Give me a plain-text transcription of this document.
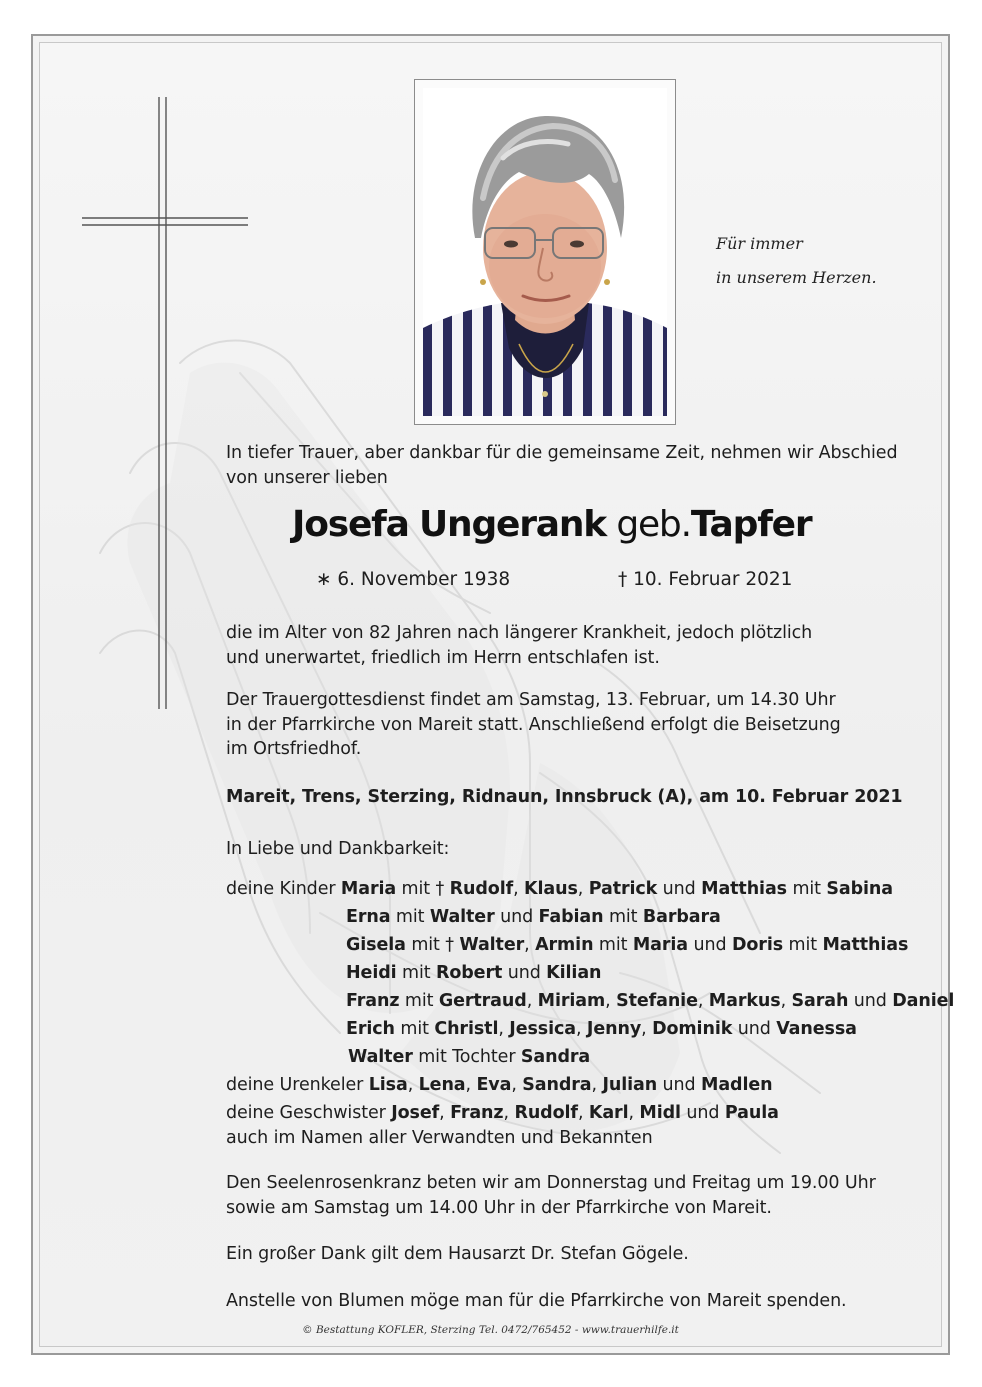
Für immer
in unserem Herzen.
In tiefer Trauer, aber dankbar für die gemeinsame Zeit, nehmen wir Abschied
von unserer lieben
Josefa Ungerank geb.Tapfer
∗ 6. November 1938	† 10. Februar 2021
die im Alter von 82 Jahren nach längerer Krankheit, jedoch plötzlich
und unerwartet, friedlich im Herrn entschlafen ist.
Der Trauergottesdienst findet am Samstag, 13. Februar, um 14.30 Uhr
in der Pfarrkirche von Mareit statt. Anschließend erfolgt die Beisetzung
im Ortsfriedhof.
Mareit, Trens, Sterzing, Ridnaun, Innsbruck (A), am 10. Februar 2021
In Liebe und Dankbarkeit:
deine Kinder Maria mit † Rudolf, Klaus, Patrick und Matthias mit Sabina
Erna mit Walter und Fabian mit Barbara
Gisela mit † Walter, Armin mit Maria und Doris mit Matthias
Heidi mit Robert und Kilian
Franz mit Gertraud, Miriam, Stefanie, Markus, Sarah und Daniel
Erich mit Christl, Jessica, Jenny, Dominik und Vanessa
Walter mit Tochter Sandra
deine Urenkeler Lisa, Lena, Eva, Sandra, Julian und Madlen
deine Geschwister Josef, Franz, Rudolf, Karl, Midl und Paula
auch im Namen aller Verwandten und Bekannten
Den Seelenrosenkranz beten wir am Donnerstag und Freitag um 19.00 Uhr
sowie am Samstag um 14.00 Uhr in der Pfarrkirche von Mareit.
Ein großer Dank gilt dem Hausarzt Dr. Stefan Gögele.
Anstelle von Blumen möge man für die Pfarrkirche von Mareit spenden.
© Bestattung KOFLER, Sterzing Tel. 0472/765452 - www.trauerhilfe.it
